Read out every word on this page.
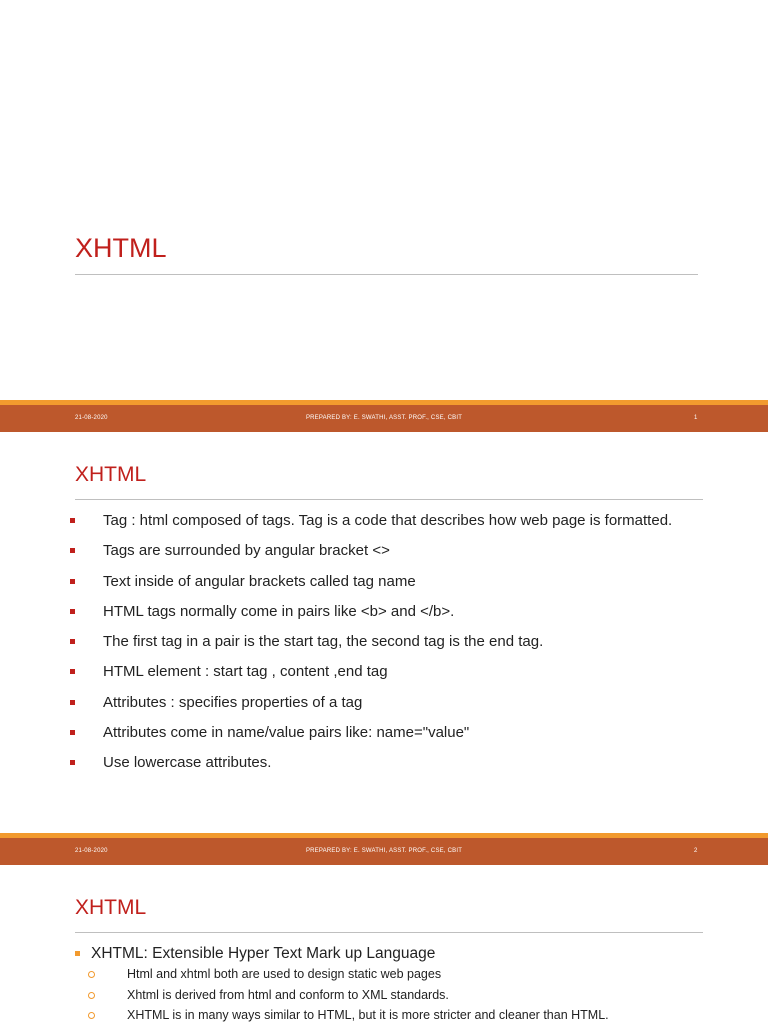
XHTML
21-08-2020	PREPARED BY: E. SWATHI, ASST. PROF., CSE, CBIT	1
XHTML
21-08-2020	PREPARED BY: E. SWATHI, ASST. PROF., CSE, CBIT	2
Tag : html composed of tags. Tag is a code that describes how web page is formatted.
Tags are surrounded by angular bracket <>
Text inside of angular brackets called tag name
HTML tags normally come in pairs like <b> and </b>.
The first tag in a pair is the start tag, the second tag is the end tag.
HTML element : start tag , content ,end tag
Attributes : specifies properties of a tag
Attributes come in name/value pairs like: name="value"
Use lowercase attributes.
XHTML
XHTML: Extensible Hyper Text Mark up Language
Html and xhtml both are used to design static web pages
Xhtml is derived from html and conform to XML standards.
XHTML is in many ways similar to HTML, but it is more stricter and cleaner than HTML.
